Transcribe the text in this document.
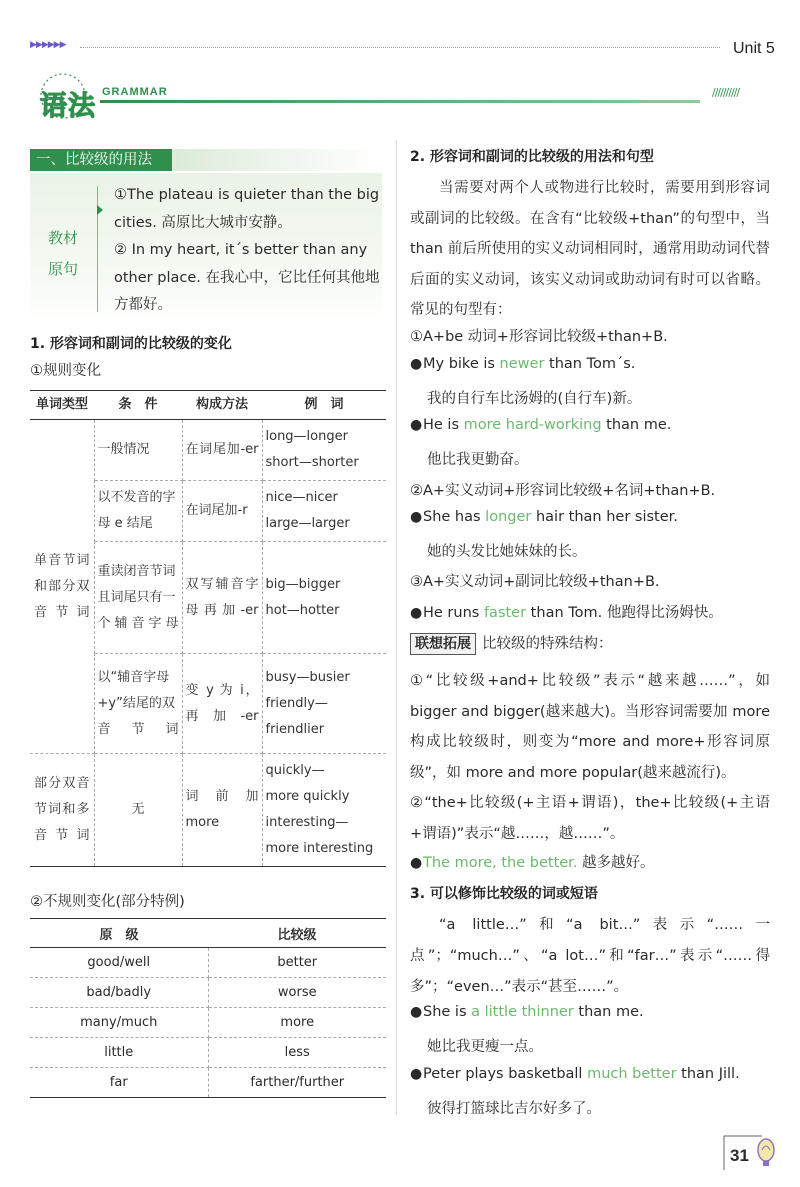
▶▶▶▶▶▶	Unit 5
语法 GRAMMAR	//////////
一、比较级的用法
教材原句
①The plateau is quieter than the big cities. 高原比大城市安静。
② In my heart, it´s better than any other place. 在我心中，它比任何其他地方都好。
1. 形容词和副词的比较级的变化
①规则变化
单词类型	条　件	构成方法	例　词
单音节词和部分双音节词	一般情况	在词尾加-er	long—longer
short—shorter

	以不发音的字母 e 结尾	在词尾加-r	nice—nicer
large—larger

	重读闭音节词且词尾只有一个辅音字母	双写辅音字母再加-er	big—bigger
hot—hotter

	以“辅音字母+y”结尾的双音节词	变 y 为 i，再加-er	busy—busier
friendly—friendlier

部分双音节词和多音节词	无	词前加 more	quickly—
more quickly
interesting—
more interesting
②不规则变化(部分特例)
原　级	比较级
good/well	better
bad/badly	worse
many/much	more
little	less
far	farther/further
2. 形容词和副词的比较级的用法和句型
当需要对两个人或物进行比较时，需要用到形容词或副词的比较级。在含有“比较级+than”的句型中，当 than 前后所使用的实义动词相同时，通常用助动词代替后面的实义动词，该实义动词或助动词有时可以省略。常见的句型有：
①A+be 动词+形容词比较级+than+B.
●My bike is newer than Tom´s.
我的自行车比汤姆的(自行车)新。
●He is more hard-working than me.
他比我更勤奋。
②A+实义动词+形容词比较级+名词+than+B.
●She has longer hair than her sister.
她的头发比她妹妹的长。
③A+实义动词+副词比较级+than+B.
●He runs faster than Tom. 他跑得比汤姆快。
联想拓展 比较级的特殊结构：
①“比较级+and+比较级”表示“越来越……”，如 bigger and bigger(越来越大)。当形容词需要加 more 构成比较级时，则变为“more and more+形容词原级”，如 more and more popular(越来越流行)。
②“the+比较级(+主语+谓语)，the+比较级(+主语+谓语)”表示“越……，越……”。
●The more, the better. 越多越好。
3. 可以修饰比较级的词或短语
“a little…”和“a bit…”表示“……一点”；“much…”、“a lot…”和“far…”表示“……得多”；“even…”表示“甚至……”。
●She is a little thinner than me.
她比我更瘦一点。
●Peter plays basketball much better than Jill.
彼得打篮球比吉尔好多了。
31
